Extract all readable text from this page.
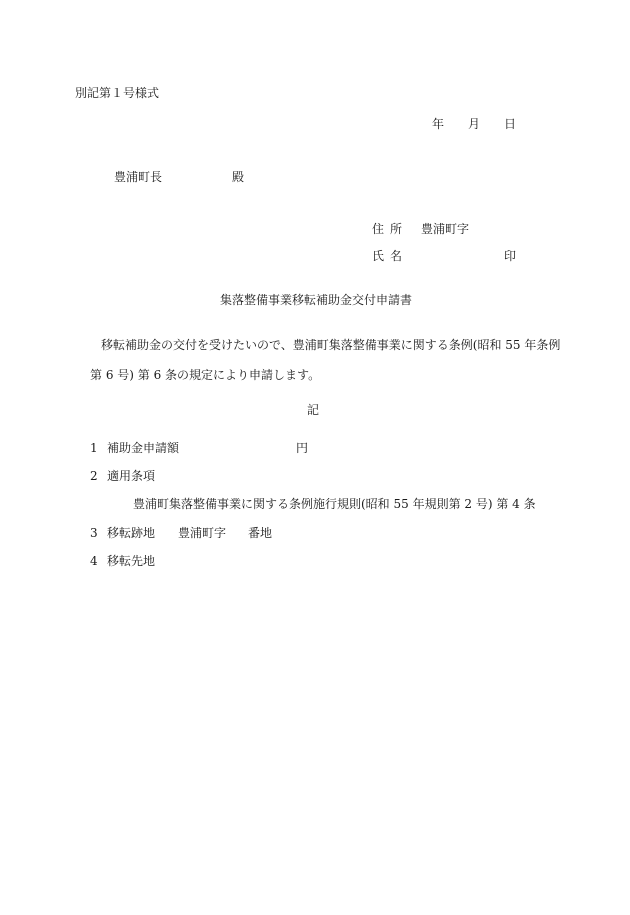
別記第１号様式
年 月 日
豊浦町長	殿
住所 豊浦町字
氏名	印
集落整備事業移転補助金交付申請書
移転補助金の交付を受けたいので、豊浦町集落整備事業に関する条例(昭和 55 年条例
第 6 号) 第 6 条の規定により申請します。
記
1 補助金申請額	円
2 適用条項
豊浦町集落整備事業に関する条例施行規則(昭和 55 年規則第 2 号) 第 4 条
3 移転跡地 豊浦町字 番地
4 移転先地
